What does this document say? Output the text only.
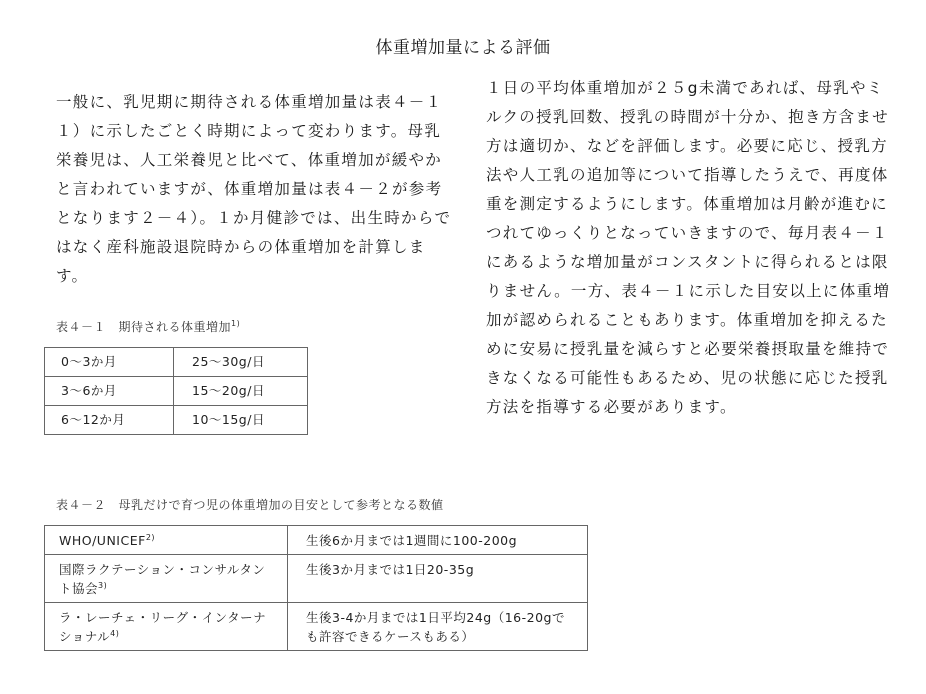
体重増加量による評価

一般に、乳児期に期待される体重増加量は表４－１１）に示したごとく時期によって変わります。母乳栄養児は、人工栄養児と比べて、体重増加が緩やかと言われていますが、体重増加量は表４－２が参考となります２－４）。１か月健診では、出生時からではなく産科施設退院時からの体重増加を計算します。

１日の平均体重増加が２５g未満であれば、母乳やミルクの授乳回数、授乳の時間が十分か、抱き方含ませ方は適切か、などを評価します。必要に応じ、授乳方法や人工乳の追加等について指導したうえで、再度体重を測定するようにします。体重増加は月齢が進むにつれてゆっくりとなっていきますので、毎月表４－１にあるような増加量がコンスタントに得られるとは限りません。一方、表４－１に示した目安以上に体重増加が認められることもあります。体重増加を抑えるために安易に授乳量を減らすと必要栄養摂取量を維持できなくなる可能性もあるため、児の状態に応じた授乳方法を指導する必要があります。

表４－１　期待される体重増加$^{1)}$
0～3か月	25～30g/日
3～6か月	15～20g/日
6～12か月	10～15g/日
表４－２　母乳だけで育つ児の体重増加の目安として参考となる数値
WHO/UNICEF$^{2)}$	生後6か月までは1週間に100-200g
国際ラクテーション・コンサルタント協会$^{3)}$	生後3か月までは1日20-35g
ラ・レーチェ・リーグ・インターナショナル$^{4)}$	生後3-4か月までは1日平均24g（16-20gでも許容できるケースもある）
